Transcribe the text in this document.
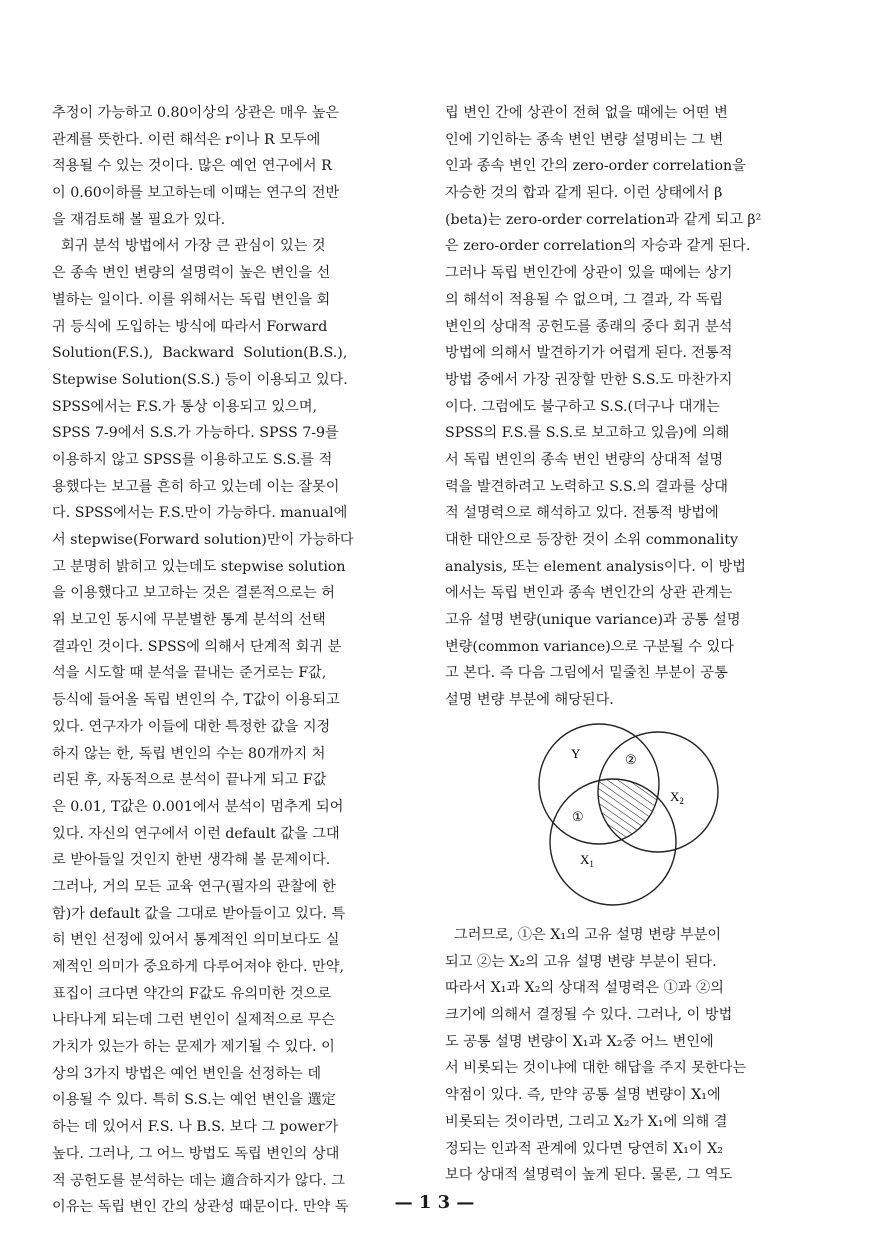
추정이 가능하고 0.80이상의 상관은 매우 높은
관계를 뜻한다. 이런 해석은 r이나 R 모두에
적용될 수 있는 것이다. 많은 예언 연구에서 R
이 0.60이하를 보고하는데 이때는 연구의 전반
을 재검토해 볼 필요가 있다.
회귀 분석 방법에서 가장 큰 관심이 있는 것
은 종속 변인 변량의 설명력이 높은 변인을 선
별하는 일이다. 이를 위해서는 독립 변인을 회
귀 등식에 도입하는 방식에 따라서 Forward
Solution(F.S.),  Backward  Solution(B.S.),
Stepwise Solution(S.S.) 등이 이용되고 있다.
SPSS에서는 F.S.가 통상 이용되고 있으며,
SPSS 7-9에서 S.S.가 가능하다. SPSS 7-9를
이용하지 않고 SPSS를 이용하고도 S.S.를 적
용했다는 보고를 흔히 하고 있는데 이는 잘못이
다. SPSS에서는 F.S.만이 가능하다. manual에
서 stepwise(Forward solution)만이 가능하다
고 분명히 밝히고 있는데도 stepwise solution
을 이용했다고 보고하는 것은 결론적으로는 허
위 보고인 동시에 무분별한 통계 분석의 선택
결과인 것이다. SPSS에 의해서 단계적 회귀 분
석을 시도할 때 분석을 끝내는 준거로는 F값,
등식에 들어올 독립 변인의 수, T값이 이용되고
있다. 연구자가 이들에 대한 특정한 값을 지정
하지 않는 한, 독립 변인의 수는 80개까지 처
리된 후, 자동적으로 분석이 끝나게 되고 F값
은 0.01, T값은 0.001에서 분석이 멈추게 되어
있다. 자신의 연구에서 이런 default 값을 그대
로 받아들일 것인지 한번 생각해 볼 문제이다.
그러나, 거의 모든 교육 연구(필자의 관찰에 한
함)가 default 값을 그대로 받아들이고 있다. 특
히 변인 선정에 있어서 통계적인 의미보다도 실
제적인 의미가 중요하게 다루어져야 한다. 만약,
표집이 크다면 약간의 F값도 유의미한 것으로
나타나게 되는데 그런 변인이 실제적으로 무슨
가치가 있는가 하는 문제가 제기될 수 있다. 이
상의 3가지 방법은 예언 변인을 선정하는 데
이용될 수 있다. 특히 S.S.는 예언 변인을 選定
하는 데 있어서 F.S. 나 B.S. 보다 그 power가
높다. 그러나, 그 어느 방법도 독립 변인의 상대
적 공헌도를 분석하는 데는 適合하지가 않다. 그
이유는 독립 변인 간의 상관성 때문이다. 만약 독
립 변인 간에 상관이 전혀 없을 때에는 어떤 변
인에 기인하는 종속 변인 변량 설명비는 그 변
인과 종속 변인 간의 zero-order correlation을
자승한 것의 합과 같게 된다. 이런 상태에서 β
(beta)는 zero-order correlation과 같게 되고 β²
은 zero-order correlation의 자승과 같게 된다.
그러나 독립 변인간에 상관이 있을 때에는 상기
의 해석이 적용될 수 없으며, 그 결과, 각 독립
변인의 상대적 공헌도를 종래의 중다 회귀 분석
방법에 의해서 발견하기가 어렵게 된다. 전통적
방법 중에서 가장 권장할 만한 S.S.도 마찬가지
이다. 그럼에도 불구하고 S.S.(더구나 대개는
SPSS의 F.S.를 S.S.로 보고하고 있음)에 의해
서 독립 변인의 종속 변인 변량의 상대적 설명
력을 발견하려고 노력하고 S.S.의 결과를 상대
적 설명력으로 해석하고 있다. 전통적 방법에
대한 대안으로 등장한 것이 소위 commonality
analysis, 또는 element analysis이다. 이 방법
에서는 독립 변인과 종속 변인간의 상관 관계는
고유 설명 변량(unique variance)과 공통 설명
변량(common variance)으로 구분될 수 있다
고 본다. 즉 다음 그림에서 밑줄친 부분이 공통
설명 변량 부분에 해당된다.
Y	②
①
$X_2$
$X_1$
그러므로, ①은 X₁의 고유 설명 변량 부분이
되고 ②는 X₂의 고유 설명 변량 부분이 된다.
따라서 X₁과 X₂의 상대적 설명력은 ①과 ②의
크기에 의해서 결정될 수 있다. 그러나, 이 방법
도 공통 설명 변량이 X₁과 X₂중 어느 변인에
서 비롯되는 것이냐에 대한 해답을 주지 못한다는
약점이 있다. 즉, 만약 공통 설명 변량이 X₁에
비롯되는 것이라면, 그리고 X₂가 X₁에 의해 결
정되는 인과적 관계에 있다면 당연히 X₁이 X₂
보다 상대적 설명력이 높게 된다. 물론, 그 역도
— 1 3 —
